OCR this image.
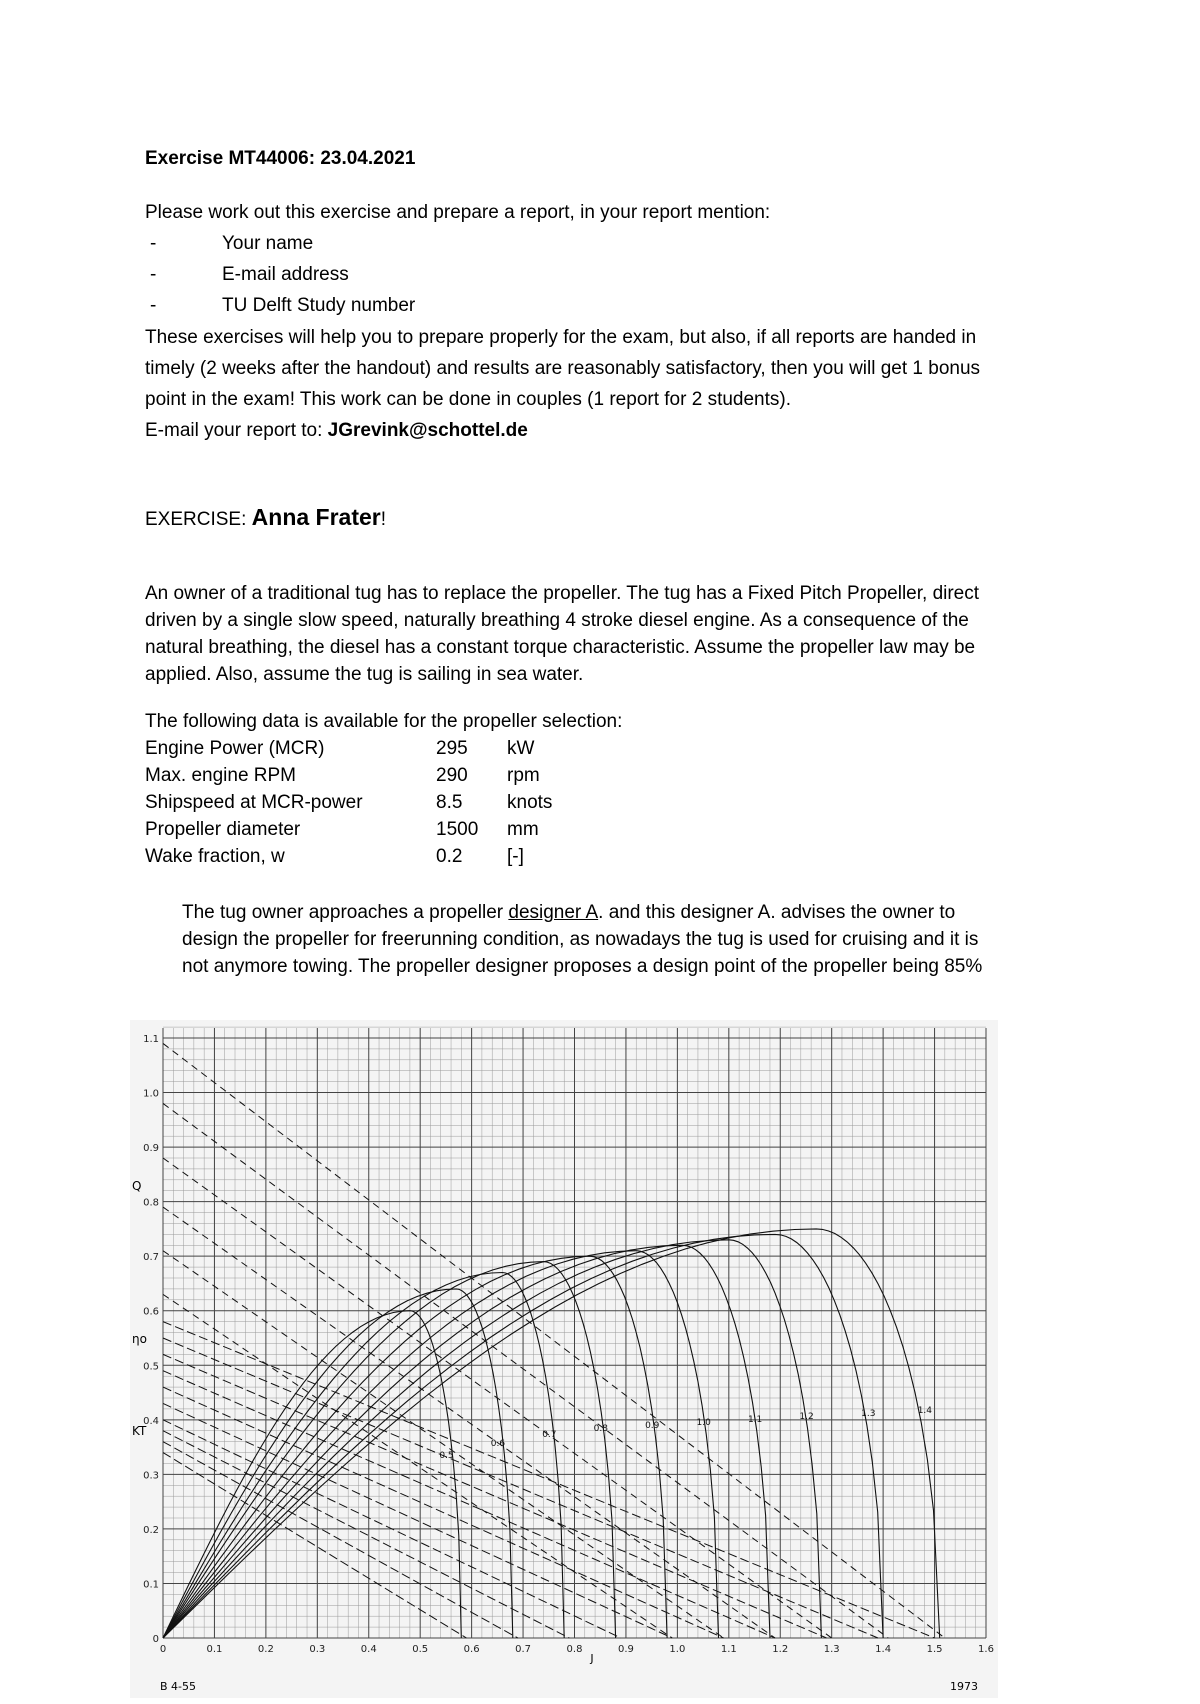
Exercise MT44006: 23.04.2021
Please work out this exercise and prepare a report, in your report mention:
-	Your name
-	E-mail address
-	TU Delft Study number
These exercises will help you to prepare properly for the exam, but also, if all reports are handed in
timely (2 weeks after the handout) and results are reasonably satisfactory, then you will get 1 bonus
point in the exam! This work can be done in couples (1 report for 2 students).
E-mail your report to: JGrevink@schottel.de
EXERCISE: Anna Frater!
An owner of a traditional tug has to replace the propeller. The tug has a Fixed Pitch Propeller, direct
driven by a single slow speed, naturally breathing 4 stroke diesel engine. As a consequence of the
natural breathing, the diesel has a constant torque characteristic. Assume the propeller law may be
applied. Also, assume the tug is sailing in sea water.
The following data is available for the propeller selection:
Engine Power (MCR)	295 kW
Max. engine RPM	290 rpm
Shipspeed at MCR-power	8.5 knots
Propeller diameter	1500 mm
Wake fraction, w	0.2 [-]
The tug owner approaches a propeller designer A. and this designer A. advises the owner to
design the propeller for freerunning condition, as nowadays the tug is used for cruising and it is
not anymore towing. The propeller designer proposes a design point of the propeller being 85%
0	0.1	0.2	0.3	0.4	0.5	0.6	0.7	0.8	0.9	1.0	1.1	1.2	1.3	1.4	1.5	1.6
0
0.1
0.2
0.3
0.4
0.5
0.6
0.7
0.8
0.9
1.0
1.1
0.5
0.6
0.7
0.8	0.9	1.0	1.1	1.2	1.3	1.4
B 4-55	1973
J
Q
ηo
KT
